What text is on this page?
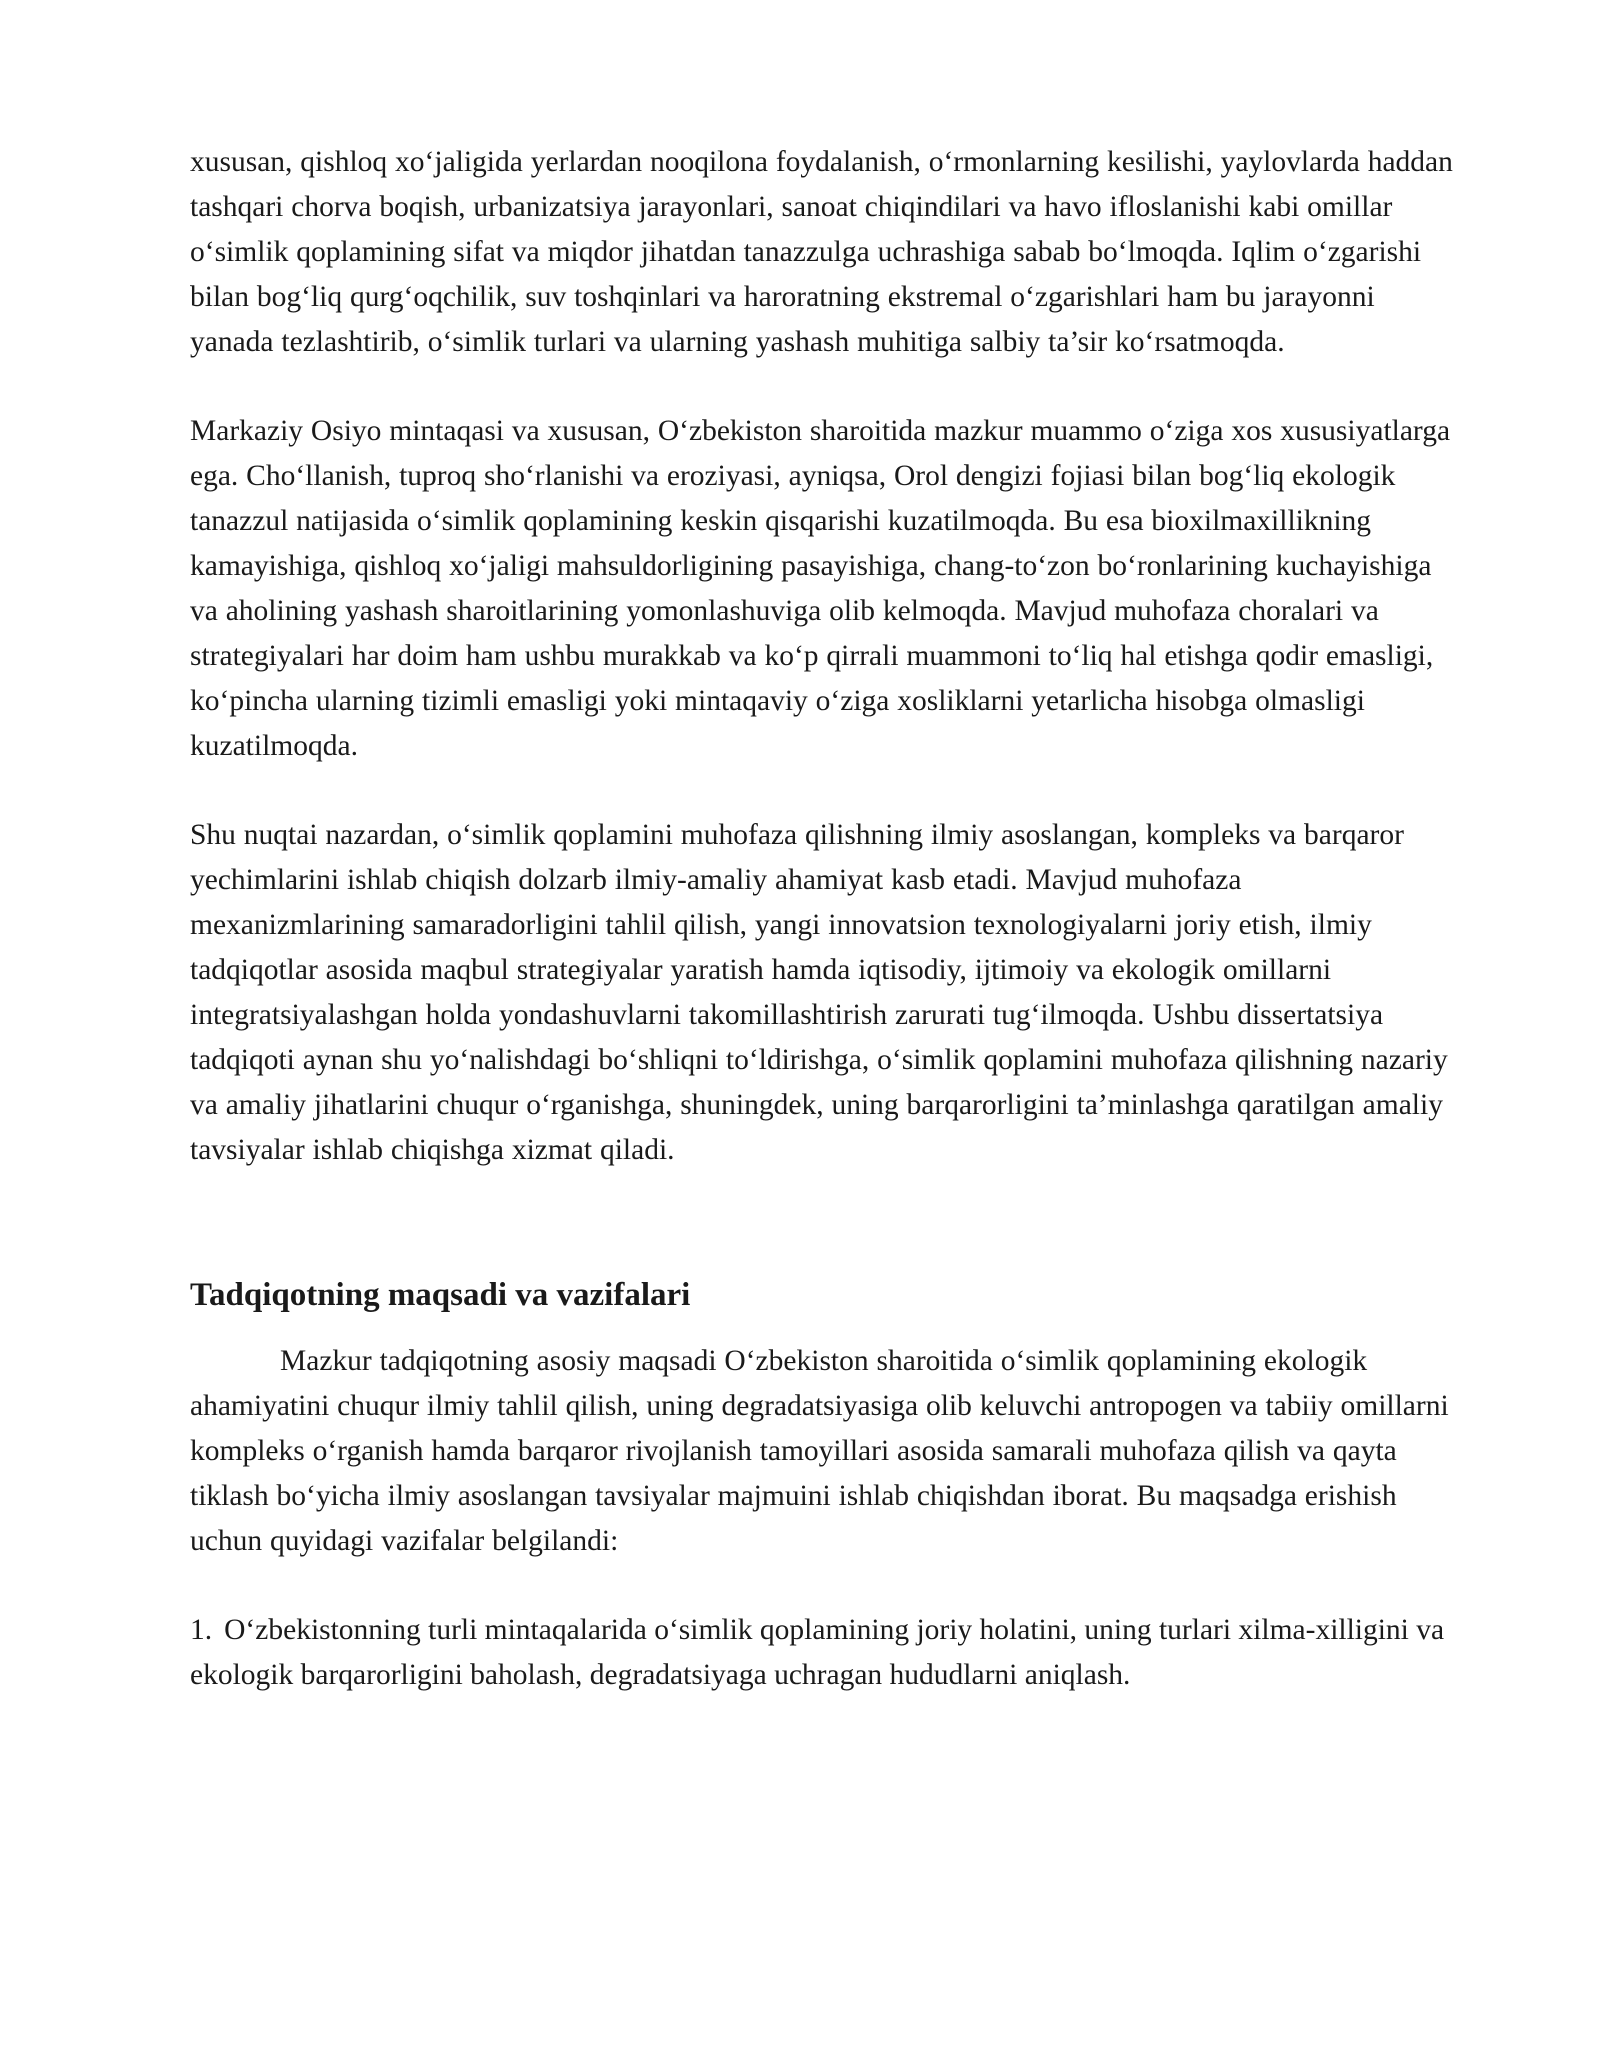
xususan, qishloq xo‘jaligida yerlardan nooqilona foydalanish, o‘rmonlarning kesilishi, yaylovlarda haddan tashqari chorva boqish, urbanizatsiya jarayonlari, sanoat chiqindilari va havo ifloslanishi kabi omillar o‘simlik qoplamining sifat va miqdor jihatdan tanazzulga uchrashiga sabab bo‘lmoqda. Iqlim o‘zgarishi bilan bog‘liq qurg‘oqchilik, suv toshqinlari va haroratning ekstremal o‘zgarishlari ham bu jarayonni yanada tezlashtirib, o‘simlik turlari va ularning yashash muhitiga salbiy ta’sir ko‘rsatmoqda.

Markaziy Osiyo mintaqasi va xususan, O‘zbekiston sharoitida mazkur muammo o‘ziga xos xususiyatlarga ega. Cho‘llanish, tuproq sho‘rlanishi va eroziyasi, ayniqsa, Orol dengizi fojiasi bilan bog‘liq ekologik tanazzul natijasida o‘simlik qoplamining keskin qisqarishi kuzatilmoqda. Bu esa bioxilmaxillikning kamayishiga, qishloq xo‘jaligi mahsuldorligining pasayishiga, chang-to‘zon bo‘ronlarining kuchayishiga va aholining yashash sharoitlarining yomonlashuviga olib kelmoqda. Mavjud muhofaza choralari va strategiyalari har doim ham ushbu murakkab va ko‘p qirrali muammoni to‘liq hal etishga qodir emasligi, ko‘pincha ularning tizimli emasligi yoki mintaqaviy o‘ziga xosliklarni yetarlicha hisobga olmasligi kuzatilmoqda.

Shu nuqtai nazardan, o‘simlik qoplamini muhofaza qilishning ilmiy asoslangan, kompleks va barqaror yechimlarini ishlab chiqish dolzarb ilmiy-amaliy ahamiyat kasb etadi. Mavjud muhofaza mexanizmlarining samaradorligini tahlil qilish, yangi innovatsion texnologiyalarni joriy etish, ilmiy tadqiqotlar asosida maqbul strategiyalar yaratish hamda iqtisodiy, ijtimoiy va ekologik omillarni integratsiyalashgan holda yondashuvlarni takomillashtirish zarurati tug‘ilmoqda. Ushbu dissertatsiya tadqiqoti aynan shu yo‘nalishdagi bo‘shliqni to‘ldirishga, o‘simlik qoplamini muhofaza qilishning nazariy va amaliy jihatlarini chuqur o‘rganishga, shuningdek, uning barqarorligini ta’minlashga qaratilgan amaliy tavsiyalar ishlab chiqishga xizmat qiladi.

Tadqiqotning maqsadi va vazifalari

Mazkur tadqiqotning asosiy maqsadi O‘zbekiston sharoitida o‘simlik qoplamining ekologik ahamiyatini chuqur ilmiy tahlil qilish, uning degradatsiyasiga olib keluvchi antropogen va tabiiy omillarni kompleks o‘rganish hamda barqaror rivojlanish tamoyillari asosida samarali muhofaza qilish va qayta tiklash bo‘yicha ilmiy asoslangan tavsiyalar majmuini ishlab chiqishdan iborat. Bu maqsadga erishish uchun quyidagi vazifalar belgilandi:

1. O‘zbekistonning turli mintaqalarida o‘simlik qoplamining joriy holatini, uning turlari xilma-xilligini va ekologik barqarorligini baholash, degradatsiyaga uchragan hududlarni aniqlash.
